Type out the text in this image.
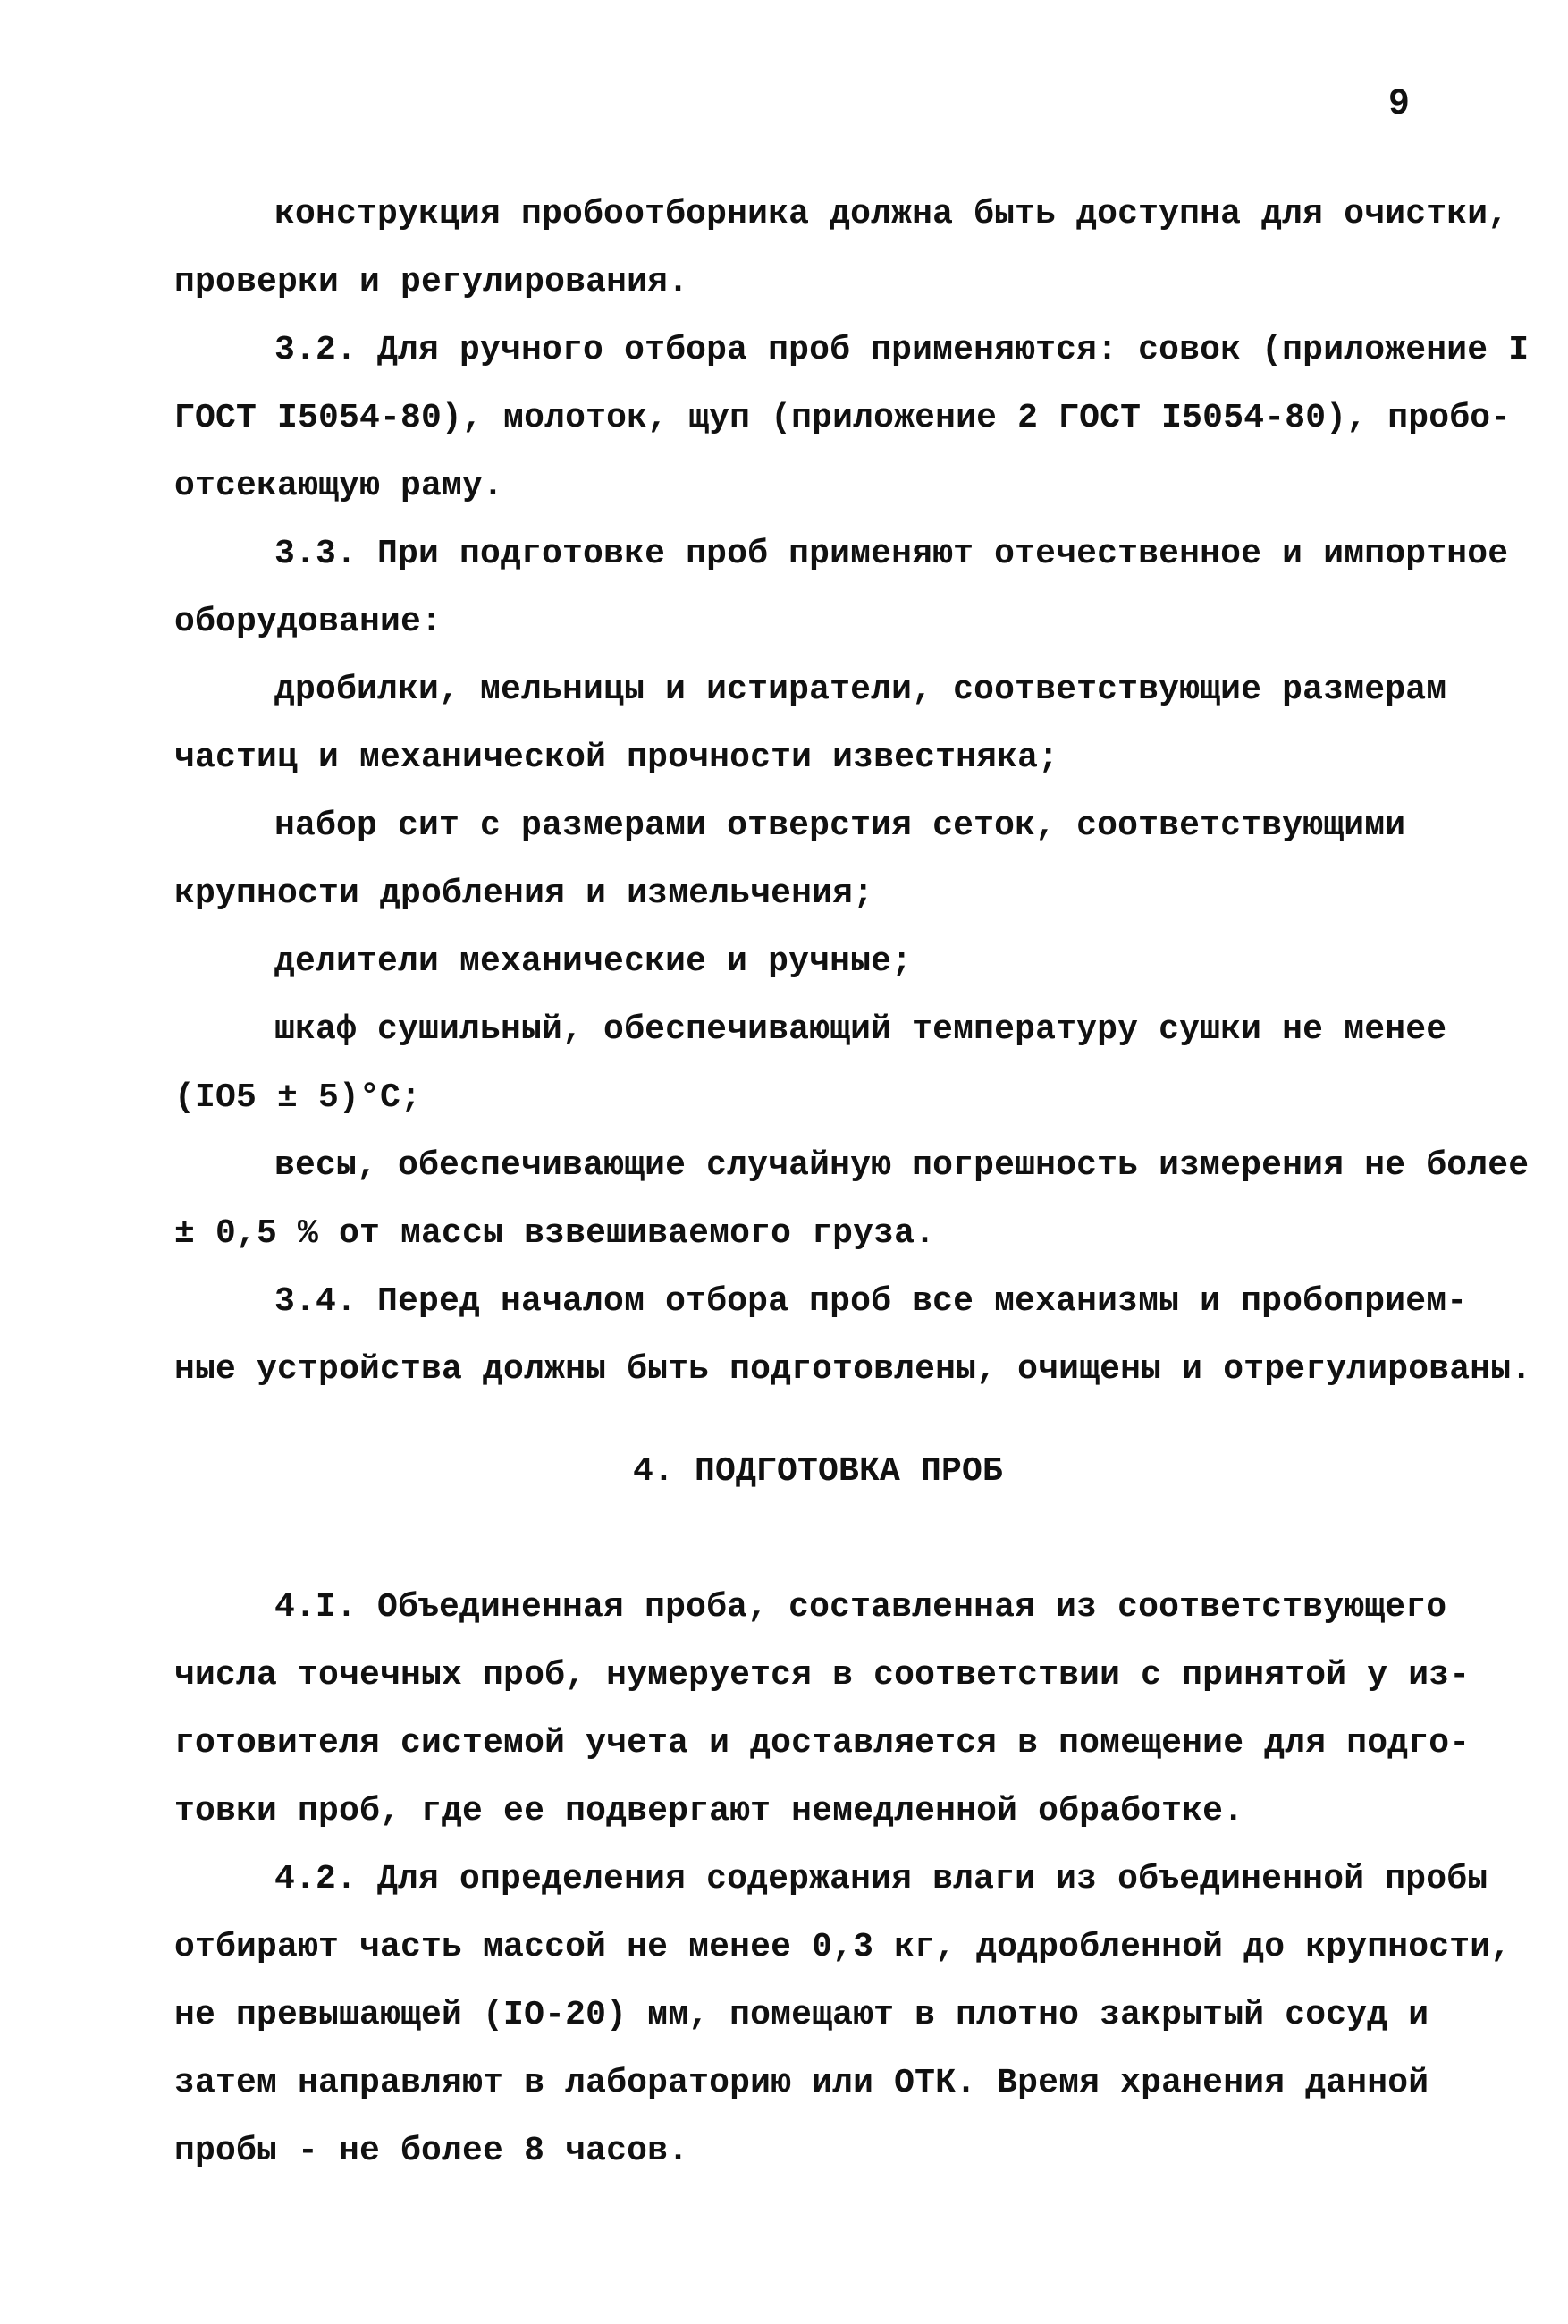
9
конструкция пробоотборника должна быть доступна для очистки,
проверки и регулирования.
3.2. Для ручного отбора проб применяются: совок (приложение I
ГОСТ I5054-80), молоток, щуп (приложение 2 ГОСТ I5054-80), пробо-
отсекающую раму.
3.3. При подготовке проб применяют отечественное и импортное
оборудование:
дробилки, мельницы и истиратели, соответствующие размерам
частиц и механической прочности известняка;
набор сит с размерами отверстия сеток, соответствующими
крупности дробления и измельчения;
делители механические и ручные;
шкаф сушильный, обеспечивающий температуру сушки не менее
(IO5 ± 5)°С;
весы, обеспечивающие случайную погрешность измерения не более
± 0,5 % от массы взвешиваемого груза.
3.4. Перед началом отбора проб все механизмы и пробоприем-
ные устройства должны быть подготовлены, очищены и отрегулированы.
4. ПОДГОТОВКА ПРОБ
4.I. Объединенная проба, составленная из соответствующего
числа точечных проб, нумеруется в соответствии с принятой у из-
готовителя системой учета и доставляется в помещение для подго-
товки проб, где ее подвергают немедленной обработке.
4.2. Для определения содержания влаги из объединенной пробы
отбирают часть массой не менее 0,3 кг, додробленной до крупности,
не превышающей (IO-20) мм, помещают в плотно закрытый сосуд и
затем направляют в лабораторию или ОТК. Время хранения данной
пробы - не более 8 часов.
